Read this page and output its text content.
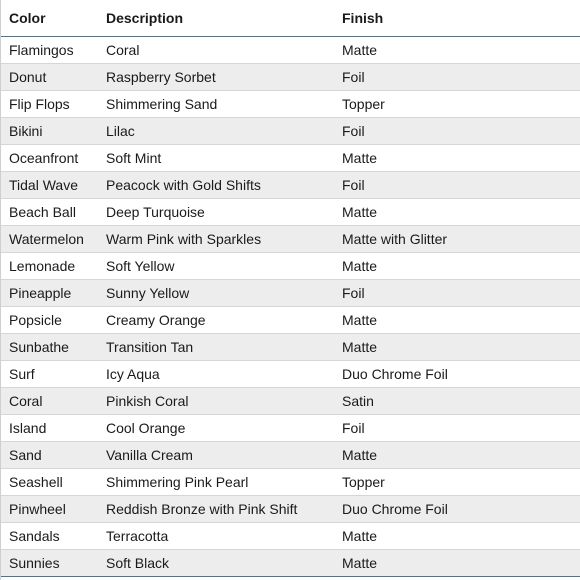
Color	Description	Finish
Flamingos	Coral	Matte
Donut	Raspberry Sorbet	Foil
Flip Flops	Shimmering Sand	Topper
Bikini	Lilac	Foil
Oceanfront	Soft Mint	Matte
Tidal Wave	Peacock with Gold Shifts	Foil
Beach Ball	Deep Turquoise	Matte
Watermelon	Warm Pink with Sparkles	Matte with Glitter
Lemonade	Soft Yellow	Matte
Pineapple	Sunny Yellow	Foil
Popsicle	Creamy Orange	Matte
Sunbathe	Transition Tan	Matte
Surf	Icy Aqua	Duo Chrome Foil
Coral	Pinkish Coral	Satin
Island	Cool Orange	Foil
Sand	Vanilla Cream	Matte
Seashell	Shimmering Pink Pearl	Topper
Pinwheel	Reddish Bronze with Pink Shift	Duo Chrome Foil
Sandals	Terracotta	Matte
Sunnies	Soft Black	Matte
